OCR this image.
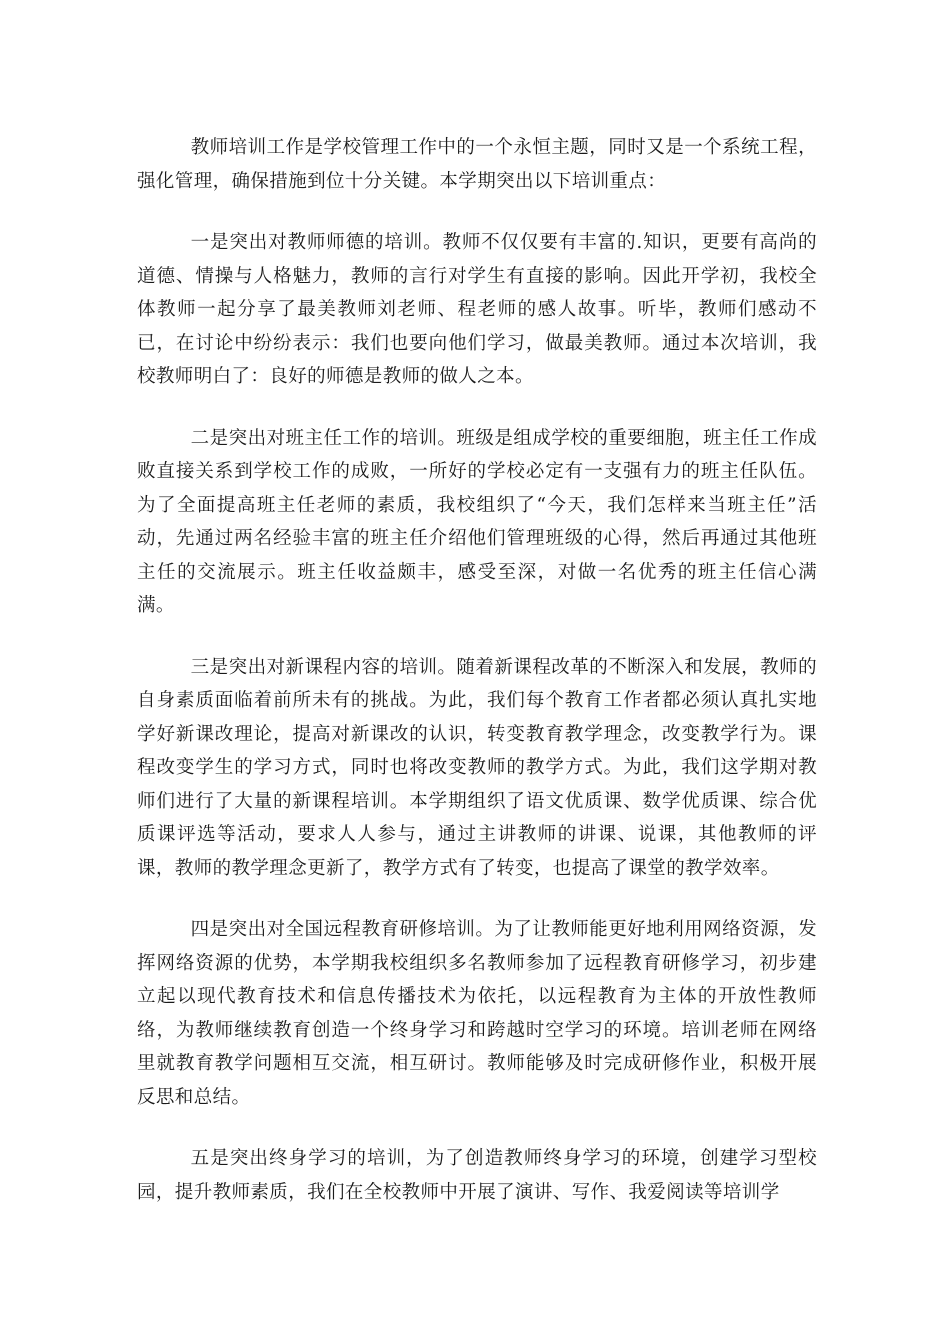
教师培训工作是学校管理工作中的一个永恒主题，同时又是一个系统工程，强化管理，确保措施到位十分关键。本学期突出以下培训重点：

一是突出对教师师德的培训。教师不仅仅要有丰富的.知识，更要有高尚的道德、情操与人格魅力，教师的言行对学生有直接的影响。因此开学初，我校全体教师一起分享了最美教师刘老师、程老师的感人故事。听毕，教师们感动不已，在讨论中纷纷表示：我们也要向他们学习，做最美教师。通过本次培训，我校教师明白了：良好的师德是教师的做人之本。

二是突出对班主任工作的培训。班级是组成学校的重要细胞，班主任工作成败直接关系到学校工作的成败，一所好的学校必定有一支强有力的班主任队伍。为了全面提高班主任老师的素质，我校组织了“今天，我们怎样来当班主任”活动，先通过两名经验丰富的班主任介绍他们管理班级的心得，然后再通过其他班主任的交流展示。班主任收益颇丰，感受至深，对做一名优秀的班主任信心满满。

三是突出对新课程内容的培训。随着新课程改革的不断深入和发展，教师的自身素质面临着前所未有的挑战。为此，我们每个教育工作者都必须认真扎实地学好新课改理论，提高对新课改的认识，转变教育教学理念，改变教学行为。课程改变学生的学习方式，同时也将改变教师的教学方式。为此，我们这学期对教师们进行了大量的新课程培训。本学期组织了语文优质课、数学优质课、综合优质课评选等活动，要求人人参与，通过主讲教师的讲课、说课，其他教师的评课，教师的教学理念更新了，教学方式有了转变，也提高了课堂的教学效率。

四是突出对全国远程教育研修培训。为了让教师能更好地利用网络资源，发挥网络资源的优势，本学期我校组织多名教师参加了远程教育研修学习，初步建立起以现代教育技术和信息传播技术为依托，以远程教育为主体的开放性教师络，为教师继续教育创造一个终身学习和跨越时空学习的环境。培训老师在网络里就教育教学问题相互交流，相互研讨。教师能够及时完成研修作业，积极开展反思和总结。

五是突出终身学习的培训，为了创造教师终身学习的环境，创建学习型校园，提升教师素质，我们在全校教师中开展了演讲、写作、我爱阅读等培训学
